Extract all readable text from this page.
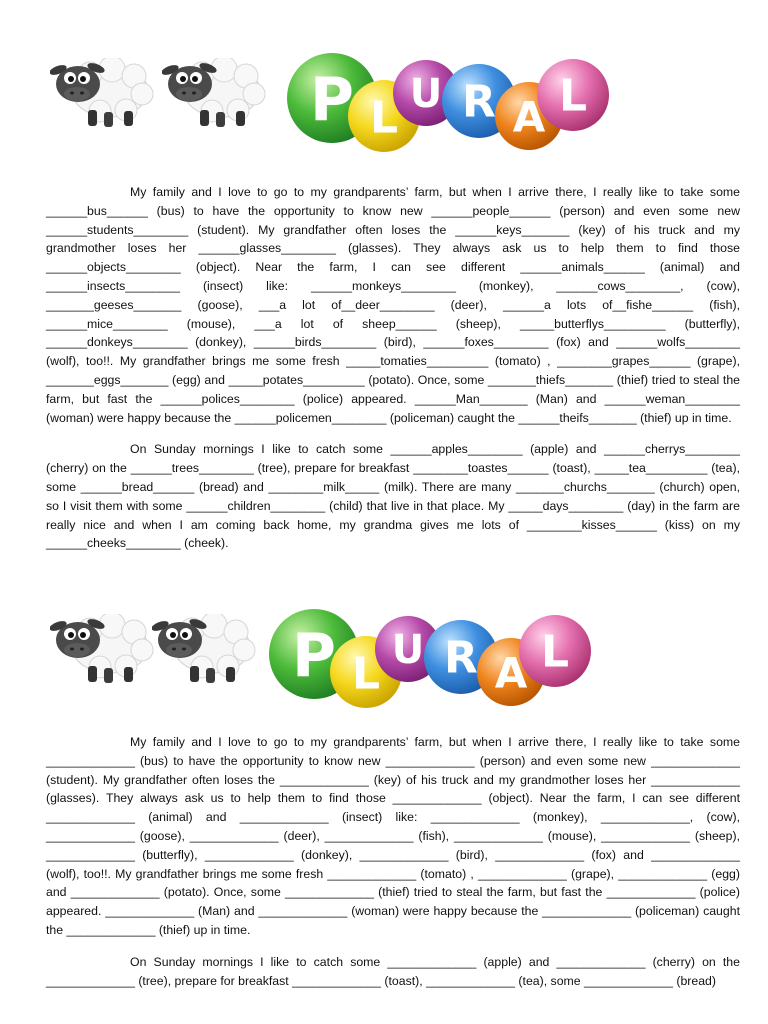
P L U R A L

My family and I love to go to my grandparents’ farm, but when I arrive there, I really like to take some ______bus______ (bus) to have the opportunity to know new ______people______ (person) and even some new ______students________ (student). My grandfather often loses the ______keys_______ (key) of his truck and my grandmother loses her ______glasses________ (glasses). They always ask us to help them to find those ______objects________ (object). Near the farm, I can see different ______animals______ (animal) and ______insects________ (insect) like: ______monkeys________ (monkey), ______cows________, (cow), _______geeses_______ (goose), ___a lot of__deer________ (deer), ______a lots of__fishe______ (fish), ______mice________ (mouse), ___a lot of sheep______ (sheep), _____butterflys_________ (butterfly), ______donkeys________ (donkey), ______birds________ (bird), ______foxes________ (fox) and ______wolfs________ (wolf), too!!. My grandfather brings me some fresh _____tomaties_________ (tomato) , ________grapes______ (grape), _______eggs_______ (egg) and _____potates_________ (potato). Once, some _______thiefs_______ (thief) tried to steal the farm, but fast the ______polices________ (police) appeared. ______Man_______ (Man) and ______weman________ (woman) were happy because the ______policemen________ (policeman) caught the ______theifs_______ (thief) up in time.

On Sunday mornings I like to catch some ______apples________ (apple) and ______cherrys________ (cherry) on the ______trees________ (tree), prepare for breakfast ________toastes______ (toast), _____tea_________ (tea), some ______bread______ (bread) and ________milk_____ (milk). There are many _______churchs_______ (church) open, so I visit them with some ______children________ (child) that live in that place. My _____days________ (day) in the farm are really nice and when I am coming back home, my grandma gives me lots of ________kisses______ (kiss) on my ______cheeks________ (cheek).

P L U R A L

My family and I love to go to my grandparents’ farm, but when I arrive there, I really like to take some _____________ (bus) to have the opportunity to know new _____________ (person) and even some new _____________ (student). My grandfather often loses the _____________ (key) of his truck and my grandmother loses her _____________ (glasses). They always ask us to help them to find those _____________ (object). Near the farm, I can see different _____________ (animal) and _____________ (insect) like: _____________ (monkey), _____________, (cow), _____________ (goose), _____________ (deer), _____________ (fish), _____________ (mouse), _____________ (sheep), _____________ (butterfly), _____________ (donkey), _____________ (bird), _____________ (fox) and _____________ (wolf), too!!. My grandfather brings me some fresh _____________ (tomato) , _____________ (grape), _____________ (egg) and _____________ (potato). Once, some _____________ (thief) tried to steal the farm, but fast the _____________ (police) appeared. _____________ (Man) and _____________ (woman) were happy because the _____________ (policeman) caught the _____________ (thief) up in time.

On Sunday mornings I like to catch some _____________ (apple) and _____________ (cherry) on the _____________ (tree), prepare for breakfast _____________ (toast), _____________ (tea), some _____________ (bread)
